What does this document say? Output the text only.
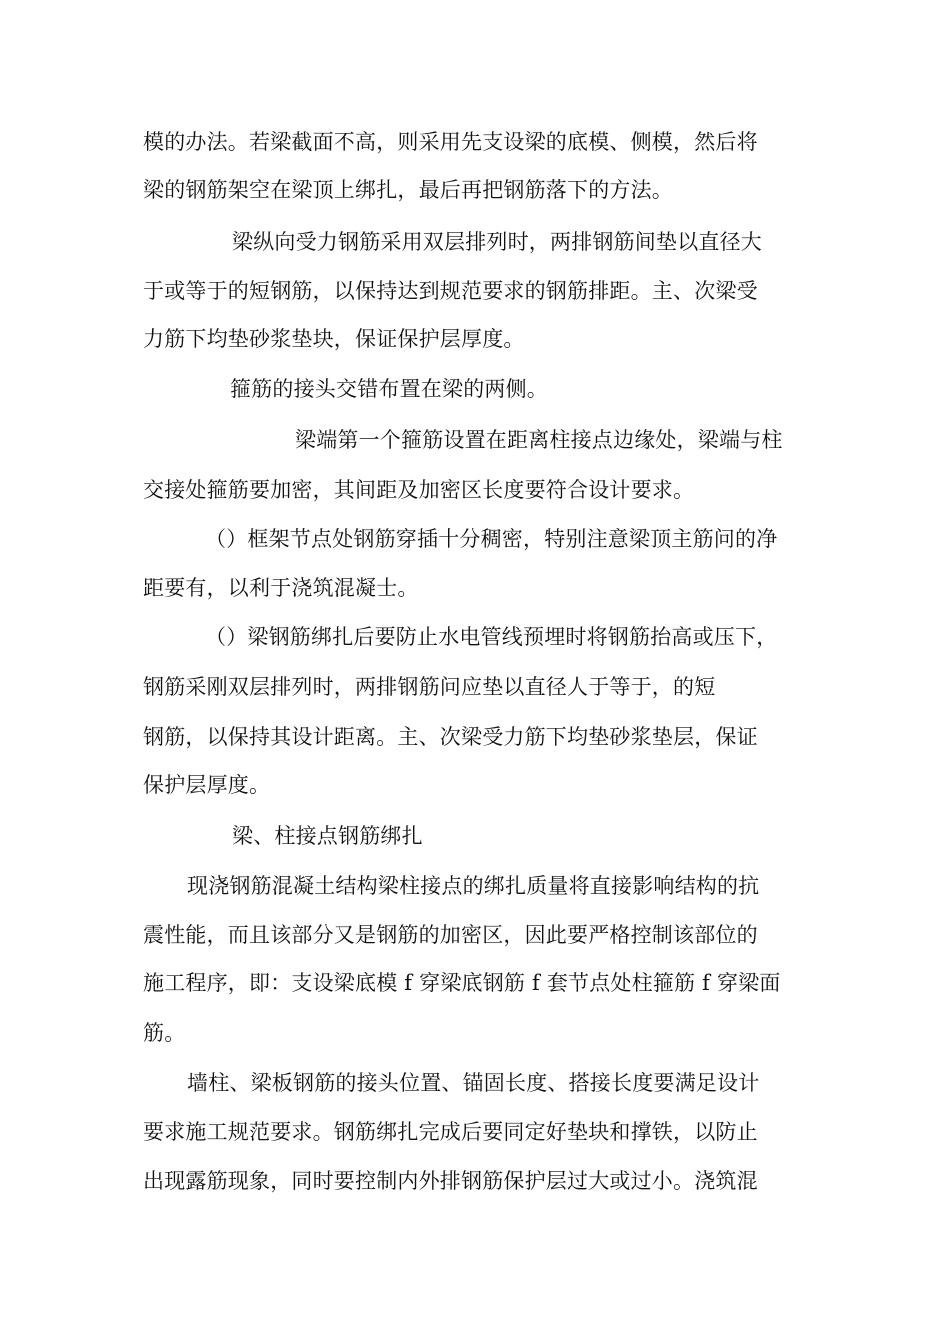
模的办法。若梁截面不高，则采用先支设梁的底模、侧模，然后将
梁的钢筋架空在梁顶上绑扎，最后再把钢筋落下的方法。
梁纵向受力钢筋采用双层排列时，两排钢筋间垫以直径大
于或等于的短钢筋，以保持达到规范要求的钢筋排距。主、次梁受
力筋下均垫砂浆垫块，保证保护层厚度。
箍筋的接头交错布置在梁的两侧。
梁端第一个箍筋设置在距离柱接点边缘处，梁端与柱
交接处箍筋要加密，其间距及加密区长度要符合设计要求。
（）框架节点处钢筋穿插十分稠密，特别注意梁顶主筋问的净
距要有，以利于浇筑混凝士。
（）梁钢筋绑扎后要防止水电管线预埋时将钢筋抬高或压下，
钢筋采刚双层排列时，两排钢筋问应垫以直径人于等于，的短
钢筋，以保持其设计距离。主、次梁受力筋下均垫砂浆垫层，保证
保护层厚度。
梁、柱接点钢筋绑扎
现浇钢筋混凝土结构梁柱接点的绑扎质量将直接影响结构的抗
震性能，而且该部分又是钢筋的加密区，因此要严格控制该部位的
施工程序，即：支设梁底模 f 穿梁底钢筋 f 套节点处柱箍筋 f 穿梁面
筋。
墙柱、梁板钢筋的接头位置、锚固长度、搭接长度要满足设计
要求施工规范要求。钢筋绑扎完成后要同定好垫块和撑铁，以防止
出现露筋现象，同时要控制内外排钢筋保护层过大或过小。浇筑混
